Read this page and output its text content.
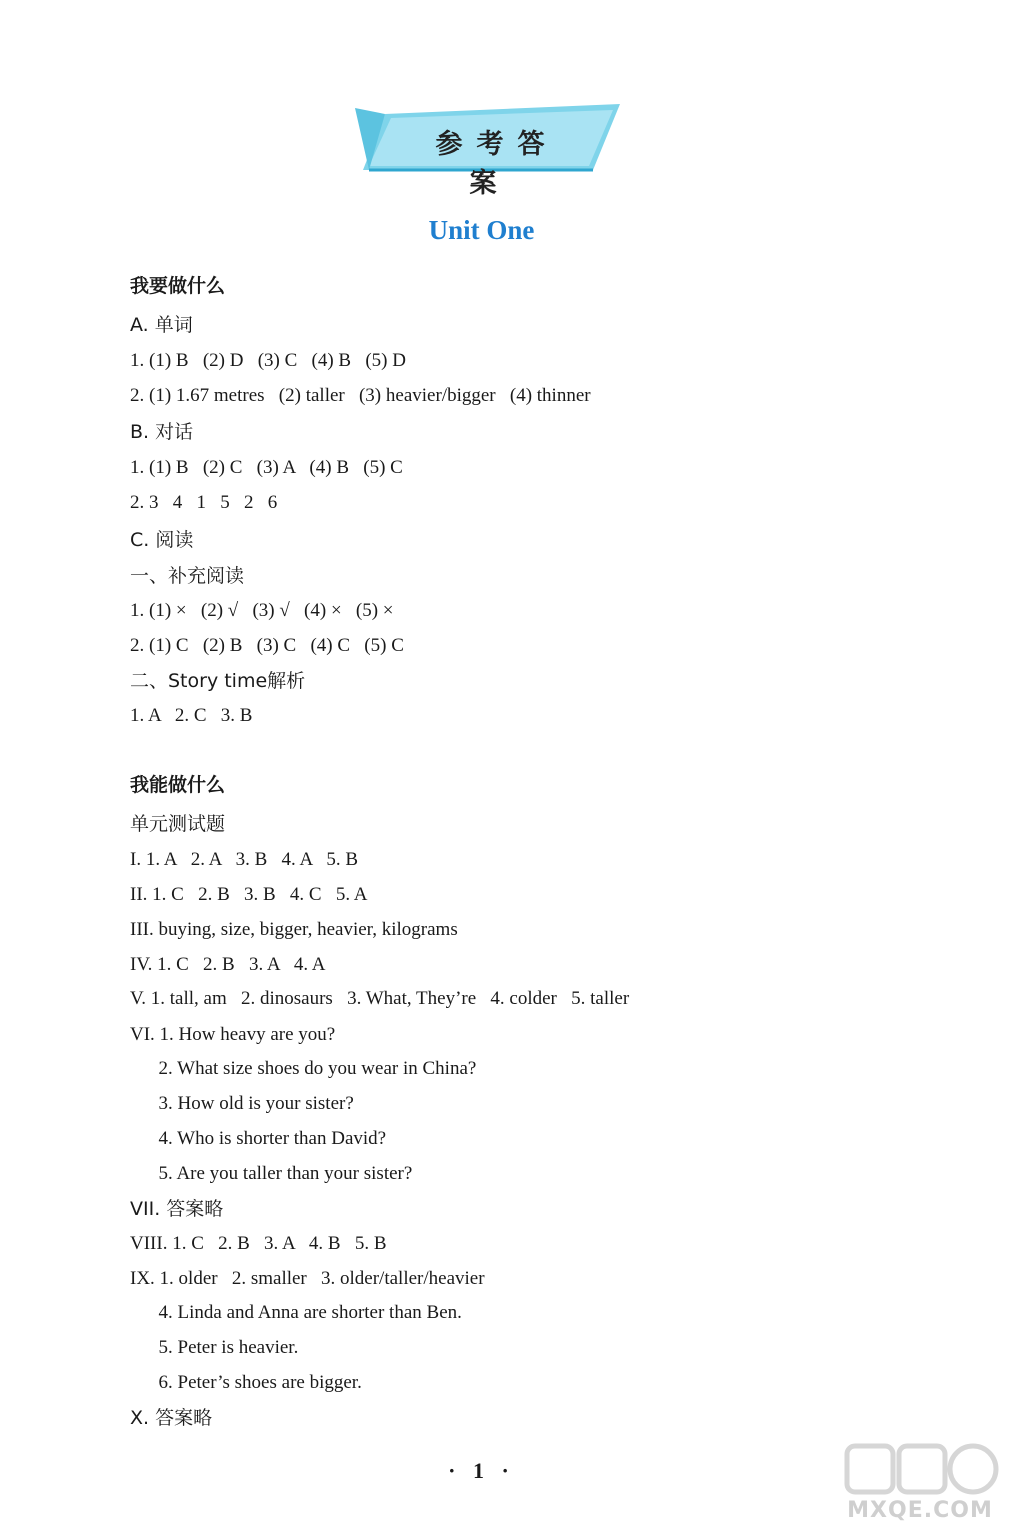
参考答案
Unit One
我要做什么
A. 单词
1. (1) B   (2) D   (3) C   (4) B   (5) D
2. (1) 1.67 metres   (2) taller   (3) heavier/bigger   (4) thinner
B. 对话
1. (1) B   (2) C   (3) A   (4) B   (5) C
2. 3   4   1   5   2   6
C. 阅读
一、补充阅读
1. (1) ×   (2) √   (3) √   (4) ×   (5) ×
2. (1) C   (2) B   (3) C   (4) C   (5) C
二、Story time解析
1. A   2. C   3. B
我能做什么
单元测试题
I. 1. A   2. A   3. B   4. A   5. B
II. 1. C   2. B   3. B   4. C   5. A
III. buying, size, bigger, heavier, kilograms
IV. 1. C   2. B   3. A   4. A
V. 1. tall, am   2. dinosaurs   3. What, They’re   4. colder   5. taller
VI. 1. How heavy are you?
2. What size shoes do you wear in China?
3. How old is your sister?
4. Who is shorter than David?
5. Are you taller than your sister?
VII. 答案略
VIII. 1. C   2. B   3. A   4. B   5. B
IX. 1. older   2. smaller   3. older/taller/heavier
4. Linda and Anna are shorter than Ben.
5. Peter is heavier.
6. Peter’s shoes are bigger.
X. 答案略
· 1 ·
MXQE.COM
